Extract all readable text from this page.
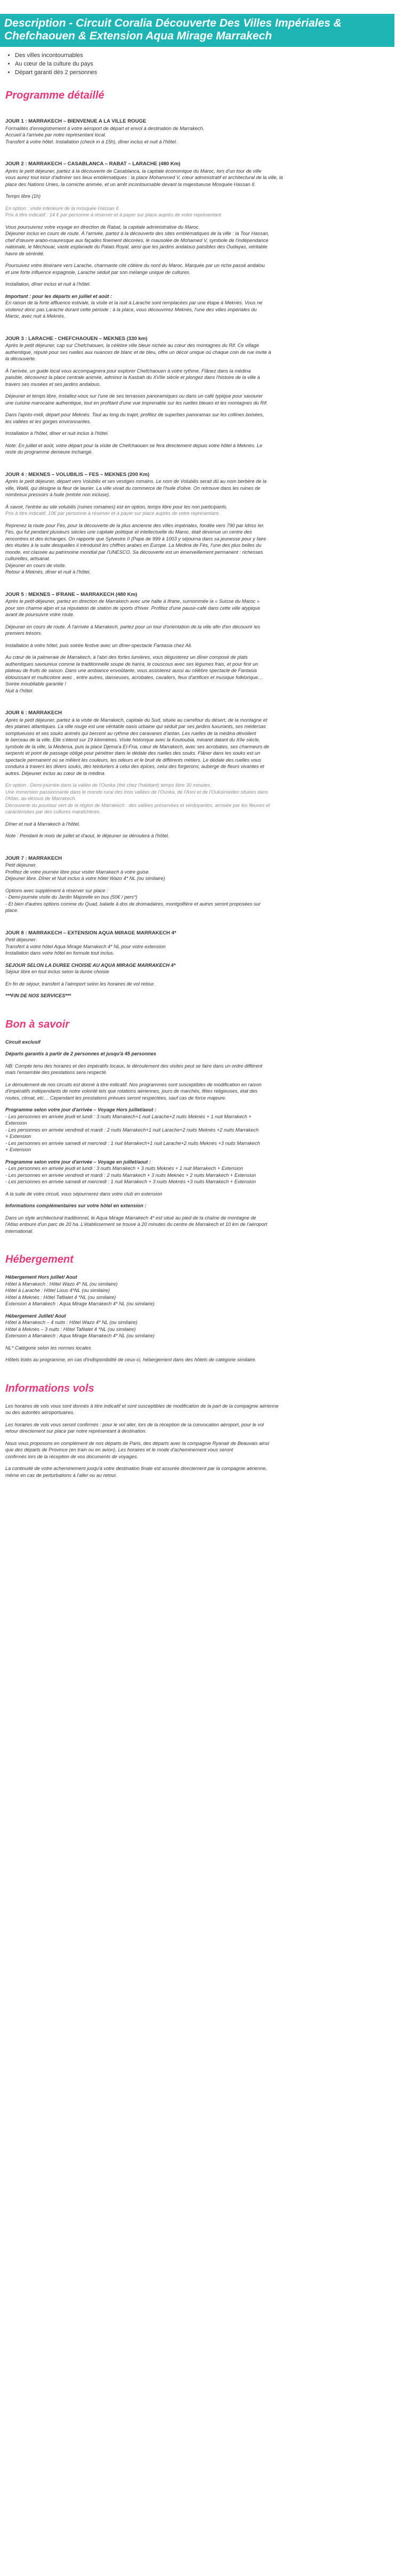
Description - Circuit Coralia Découverte Des Villes Impériales & Chefchaouen & Extension Aqua Mirage Marrakech
• Des villes incontournables
• Au cœur de la culture du pays
• Départ garanti dès 2 personnes
Programme détaillé

JOUR 1 : MARRAKECH – BIENVENUE A LA VILLE ROUGE

Formalités d'enregistrement à votre aéroport de départ et envol à destination de Marrakech.

Accueil à l'arrivée par notre représentant local.

Transfert à votre hôtel. Installation (check in à 15h), dîner inclus et nuit à l'hôtel.

JOUR 2 : MARRAKECH – CASABLANCA – RABAT – LARACHE (480 Km)

Après le petit déjeuner, partez à la découverte de Casablanca, la capitale économique du Maroc, lors d'un tour de ville

vous aurez tout loisir d'admirer ses lieux emblématiques : la place Mohammed V, cœur administratif et architectural de la ville, la

place des Nations Unies, la corniche animée, et un arrêt incontournable devant la majestueuse Mosquée Hassan II.

Temps libre (1h)

En option : visite intérieure de la mosquée Hassan II.

Prix à titre indicatif : 14 € par personne à réserver et à payer sur place auprès de votre représentant

Vous poursuivrez votre voyage en direction de Rabat, la capitale administrative du Maroc.

Déjeuner inclus en cours de route. À l'arrivée, partez à la découverte des sites emblématiques de la ville : la Tour Hassan,

chef d'œuvre arabo-mauresque aux façades finement décorées, le mausolée de Mohamed V, symbole de l'indépendance

nationale, le Mechouar, vaste esplanade du Palais Royal, ainsi que les jardins andalous paisibles des Oudayas, véritable

havre de sérénité.

Poursuivez votre itinéraire vers Larache, charmante cité côtière du nord du Maroc. Marquée par un riche passé andalou

et une forte influence espagnole, Larache séduit par son mélange unique de cultures.

Installation, dîner inclus et nuit à l'hôtel.

Important : pour les départs en juillet et août :

En raison de la forte affluence estivale, la visite et la nuit à Larache sont remplacées par une étape à Meknès. Vous ne

visiterez donc pas Larache durant cette période ; à la place, vous découvrirez Meknès, l'une des villes impériales du

Maroc, avec nuit à Meknès.

JOUR 3 : LARACHE - CHEFCHAOUEN – MEKNES (330 km)

Après le petit déjeuner, cap sur Chefchaouen, la célèbre ville bleue nichée au cœur des montagnes du Rif. Ce village

authentique, réputé pour ses ruelles aux nuances de blanc et de bleu, offre un décor unique où chaque coin de rue invite à

la découverte.

À l'arrivée, un guide local vous accompagnera pour explorer Chefchaouen à votre rythme. Flânez dans la médina

paisible, découvrez la place centrale animée, admirez la Kasbah du XVIIe siècle et plongez dans l'histoire de la ville à

travers ses musées et ses jardins andalous.

Déjeuner et temps libre, installez-vous sur l'une de ses terrasses panoramiques ou dans un café typique pour savourer

une cuisine marocaine authentique, tout en profitant d'une vue imprenable sur les ruelles bleues et les montagnes du Rif.

Dans l'après-midi, départ pour Meknès. Tout au long du trajet, profitez de superbes panoramas sur les collines boisées,

les vallées et les gorges environnantes.

Installation à l'hôtel, dîner et nuit inclus à l'hôtel.

Note: En juillet et août, votre départ pour la visite de Chefchaouen se fera directement depuis votre hôtel à Meknès. Le

reste du programme demeure inchangé.

JOUR 4 : MEKNES – VOLUBILIS – FES – MEKNES (200 Km)

Après le petit déjeuner, départ vers Volubilis et ses vestiges romains. Le nom de Volubilis serait dû au nom berbère de la

ville, Walili, qui désigne la fleur de laurier. La ville vivait du commerce de l'huile d'olive. On retrouve dans les ruines de

nombreux pressoirs à huile (entrée non incluse).

À savoir, l'entrée au site volubilis (ruines romaines) est en option, temps libre pour les non participants.

Prix à titre indicatif, 10€ par personne à réserver et à payer sur place auprès de votre représentant.

Reprenez la route pour Fès, pour la découverte de la plus ancienne des villes impériales, fondée vers 790 par Idriss Ier.

Fès, qui fut pendant plusieurs siècles une capitale politique et intellectuelle du Maroc, était devenue un centre des

rencontres et des échanges. On rapporte que Sylvestre II (Pape de 999 à 1003 y séjourna dans sa jeunesse pour y faire

des études à la suite desquelles il introduisit les chiffres arabes en Europe. La Médina de Fès, l'une des plus belles du

monde, est classée au patrimoine mondial par l'UNESCO. Sa découverte est un émerveillement permanent : richesses

culturelles, artisanat.

Déjeuner en cours de visite.

Retour à Meknès, dîner et nuit à l'hôtel.

JOUR 5 : MEKNES – IFRANE – MARRAKECH (480 Km)

Après le petit-déjeuner, partez en direction de Marrakech avec une halte à Ifrane, surnommée la « Suisse du Maroc »

pour son charme alpin et sa réputation de station de sports d'hiver. Profitez d'une pause-café dans cette ville atypique

avant de poursuivre votre route.

Déjeuner en cours de route. À l'arrivée à Marrakech, partez pour un tour d'orientation de la ville afin d'en découvrir les

premiers trésors.

Installation à votre hôtel, puis soirée festive avec un dîner-spectacle Fantasia chez Ali.

Au cœur de la palmeraie de Marrakech, à l'abri des fortes lumières, vous dégusterez un dîner composé de plats

authentiques savoureux comme la traditionnelle soupe de harira, le couscous avec ses légumes frais, et pour finir un

plateau de fruits de saison. Dans une ambiance envoûtante, vous assisterez aussi au célèbre spectacle de Fantasia

éblouissant et multicolore avec , entre autres, danseuses, acrobates, cavaliers, feux d'artifices et musique folklorique…

Soirée inoubliable garantie !

Nuit à l'hôtel.

JOUR 6 : MARRAKECH

Après le petit déjeuner, partez à la visite de Marrakech, capitale du Sud, située au carrefour du désert, de la montagne et

des plaines atlantiques. La ville rouge est une véritable oasis urbaine qui séduit par ses jardins luxuriants, ses médersas

somptueuses et ses souks animés qui bercent au rythme des caravanes d'antan. Les ruelles de la médina dévoilent

le berceau de la ville. Elle s'étend sur 19 kilomètres. Visite historique avec la Koutoubia, minaret datant du XIIe siècle,

symbole de la ville, la Medersa, puis la place Djema'a El-Fna, cœur de Marrakech, avec ses acrobates, ses charmeurs de

serpents et point de passage obligé pour pénétrer dans le dédale des ruelles des souks. Flâner dans les souks est un

spectacle permanent où se mêlent les couleurs, les odeurs et le bruit de différents métiers. Le dédale des ruelles vous

conduira à travers les divers souks, des teinturiers à celui des épices, celui des forgerons, auberge de fleurs vivantes et

autres. Déjeuner inclus au cœur de la médina

En option : Demi-journée dans la vallée de l'Ourika (thé chez l'habitant) temps libre 30 minutes.

Une immersion passionnante dans le monde rural des trois vallées de l'Ourika, de l'Asni et de l'Oukaïmeden situées dans

l'Atlas, au-dessus de Marrakech.

Découverte du pourtour vert de la région de Marrakech : des vallées préservées et verdoyantes, arrosée par les fleuves et

caractérisées par des cultures maraîchères.

Dîner et nuit à Marrakech à l'hôtel.

Note : Pendant le mois de juillet et d'aout, le déjeuner se déroulera à l'hôtel.

JOUR 7 : MARRAKECH

Petit déjeuner.

Profitez de votre journée libre pour visiter Marrakech à votre guise.

Déjeuner libre. Dîner et Nuit inclus à votre hôtel Wazo 4* NL (ou similaire)

Options avec supplément à réserver sur place :

- Demi-journée visite du Jardin Majorelle en bus (50€ / pers*)

- Et bien d'autres options comme du Quad, balade à dos de dromadaires, montgolfière et autres seront proposées sur

place.

JOUR 8 : MARRAKECH – EXTENSION AQUA MIRAGE MARRAKECH 4*

Petit déjeuner.

Transfert à votre hôtel Aqua Mirage Marrakech 4* NL pour votre extension

Installation dans votre hôtel en formule tout inclus.

SEJOUR SELON LA DUREE CHOISIE AU AQUA MIRAGE MARRAKECH 4*

Séjour libre en tout inclus selon la durée choisie

En fin de séjour, transfert à l'aéroport selon les horaires de vol retour.

***FIN DE NOS SERVICES***

Bon à savoir

Circuit exclusif

Départs garantis à partir de 2 personnes et jusqu'à 45 personnes

NB: Compte tenu des horaires et des impératifs locaux, le déroulement des visites peut se faire dans un ordre différent

mais l'ensemble des prestations sera respecté.

Le déroulement de nos circuits est donné à titre indicatif. Nos programmes sont susceptibles de modification en raison

d'impératifs indépendants de notre volonté tels que rotations aériennes, jours de marchés, fêtes religieuses, état des

routes, climat, etc… Cependant les prestations prévues seront respectées, sauf cas de force majeure.

Programme selon votre jour d'arrivée – Voyage Hors juillet/aout :

- Les personnes en arrivée jeudi et lundi : 3 nuits Marrakech+1 nuit Larache+2 nuits Meknès + 1 nuit Marrakech +

Extension

- Les personnes en arrivée vendredi et mardi : 2 nuits Marrakech+1 nuit Larache+2 nuits Meknès +2 nuits Marrakech

+ Extension

- Les personnes en arrivée samedi et mercredi : 1 nuit Marrakech+1 nuit Larache+2 nuits Meknès +3 nuits Marrakech

+ Extension

Programme selon votre jour d'arrivée – Voyage en juillet/aout :

- Les personnes en arrivée jeudi et lundi : 3 nuits Marrakech + 3 nuits Meknès + 1 nuit Marrakech + Extension

- Les personnes en arrivée vendredi et mardi : 2 nuits Marrakech + 3 nuits Meknès + 2 nuits Marrakech + Extension

- Les personnes en arrivée samedi et mercredi : 1 nuit Marrakech + 3 nuits Meknès +3 nuits Marrakech + Extension

A la suite de votre circuit, vous séjournerez dans votre club en extension

Informations complémentaires sur votre hôtel en extension :

Dans un style architectural traditionnel, le Aqua Mirage Marrakech 4* est situé au pied de la chaîne de montagne de

l'Atlas entouré d'un parc de 20 ha. L'établissement se trouve à 20 minutes du centre de Marrakech et 10 km de l'aéroport

international.

Hébergement

Hébergement Hors juillet/ Aout

Hôtel à Marrakech : Hôtel Wazo 4* NL (ou similaire)

Hôtel à Larache : Hôtel Lixus 4*NL (ou similaire)

Hôtel à Meknès : Hôtel Tafilalet 4 *NL (ou similaire)

Extension à Marrakech : Aqua Mirage Marrakech 4* NL (ou similaire)

Hébergement Juillet/ Aout

Hôtel à Marrakech – 4 nuits : Hôtel Wazo 4* NL (ou similaire)

Hôtel à Meknès – 3 nuits : Hôtel Tafilalet 4 *NL (ou similaire)

Extension à Marrakech : Aqua Mirage Marrakech 4* NL (ou similaire)

NL* Catégorie selon les normes locales

Hôtels listés au programme, en cas d'indisponibilité de ceux-ci, hébergement dans des hôtels de catégorie similaire.

Informations vols

Les horaires de vols vous sont donnés à titre indicatif et sont susceptibles de modification de la part de la compagnie aérienne

ou des autorités aéroportuaires.

Les horaires de vols vous seront confirmés : pour le vol aller, lors de la réception de la convocation aéroport, pour le vol

retour directement sur place par notre représentant à destination.

Nous vous proposons en complément de nos départs de Paris, des départs avec la compagnie Ryanair de Beauvais ainsi

que des départs de Province (en train ou en avion). Les horaires et le mode d'acheminement vous seront

confirmés lors de la réception de vos documents de voyages.

La continuité de votre acheminement jusqu'à votre destination finale est assurée directement par la compagnie aérienne,

même en cas de perturbations à l'aller ou au retour.
